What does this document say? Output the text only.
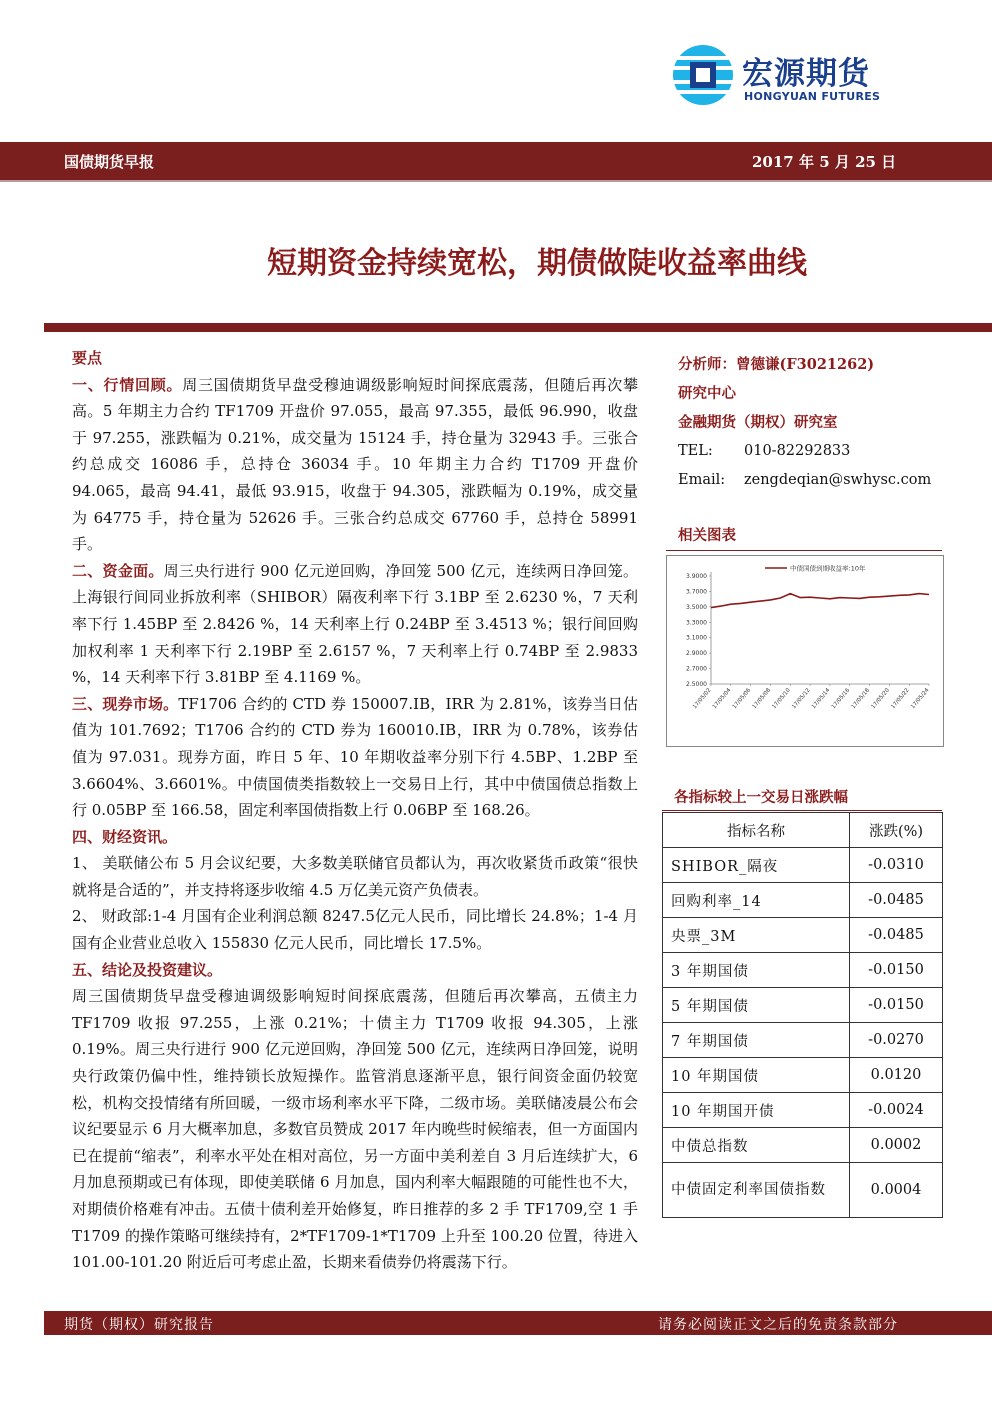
宏源期货
HONGYUAN FUTURES
国债期货早报	2017 年 5 月 25 日
短期资金持续宽松，期债做陡收益率曲线

要点

一、行情回顾。周三国债期货早盘受穆迪调级影响短时间探底震荡，但随后再次攀高。5 年期主力合约 TF1709 开盘价 97.055，最高 97.355，最低 96.990，收盘于 97.255，涨跌幅为 0.21%，成交量为 15124 手，持仓量为 32943 手。三张合约总成交 16086 手，总持仓 36034 手。10 年期主力合约 T1709 开盘价 94.065，最高 94.41，最低 93.915，收盘于 94.305，涨跌幅为 0.19%，成交量为 64775 手，持仓量为 52626 手。三张合约总成交 67760 手，总持仓 58991 手。

二、资金面。周三央行进行 900 亿元逆回购，净回笼 500 亿元，连续两日净回笼。上海银行间同业拆放利率（SHIBOR）隔夜利率下行 3.1BP 至 2.6230 %，7 天利率下行 1.45BP 至 2.8426 %，14 天利率上行 0.24BP 至 3.4513 %；银行间回购加权利率 1 天利率下行 2.19BP 至 2.6157 %，7 天利率上行 0.74BP 至 2.9833 %，14 天利率下行 3.81BP 至 4.1169 %。

三、现券市场。TF1706 合约的 CTD 券 150007.IB，IRR 为 2.81%，该券当日估值为 101.7692；T1706 合约的 CTD 券为 160010.IB，IRR 为 0.78%，该券估值为 97.031。现券方面，昨日 5 年、10 年期收益率分别下行 4.5BP、1.2BP 至 3.6604%、3.6601%。中债国债类指数较上一交易日上行，其中中债国债总指数上行 0.05BP 至 166.58，固定利率国债指数上行 0.06BP 至 168.26。

四、财经资讯。

1、 美联储公布 5 月会议纪要，大多数美联储官员都认为，再次收紧货币政策“很快就将是合适的”，并支持将逐步收缩 4.5 万亿美元资产负债表。

2、 财政部:1-4 月国有企业利润总额 8247.5亿元人民币，同比增长 24.8%；1-4 月国有企业营业总收入 155830 亿元人民币，同比增长 17.5%。

五、结论及投资建议。

周三国债期货早盘受穆迪调级影响短时间探底震荡，但随后再次攀高，五债主力 TF1709 收报 97.255，上涨 0.21%；十债主力 T1709 收报 94.305，上涨 0.19%。周三央行进行 900 亿元逆回购，净回笼 500 亿元，连续两日净回笼，说明央行政策仍偏中性，维持锁长放短操作。监管消息逐渐平息，银行间资金面仍较宽松，机构交投情绪有所回暖，一级市场利率水平下降，二级市场。美联储凌晨公布会议纪要显示 6 月大概率加息，多数官员赞成 2017 年内晚些时候缩表，但一方面国内已在提前“缩表”，利率水平处在相对高位，另一方面中美利差自 3 月后连续扩大，6 月加息预期或已有体现，即使美联储 6 月加息，国内利率大幅跟随的可能性也不大，对期债价格难有冲击。五债十债利差开始修复，昨日推荐的多 2 手 TF1709,空 1 手 T1709 的操作策略可继续持有，2*TF1709-1*T1709 上升至 100.20 位置，待进入 101.00-101.20 附近后可考虑止盈，长期来看债券仍将震荡下行。

分析师：曾德谦(F3021262)
研究中心
金融期货（期权）研究室
TEL: 010-82292833
Email: zengdeqian@swhysc.com
相关图表
中债国债到期收益率:10年
2.5000
2.7000
2.9000
3.1000
3.3000
3.5000
3.7000
3.9000
17/05/02 17/05/04 17/05/06 17/05/08 17/05/10 17/05/12 17/05/14 17/05/16 17/05/18 17/05/20 17/05/22 17/05/24
各指标较上一交易日涨跌幅
指标名称	涨跌(%)
SHIBOR_隔夜	-0.0310
回购利率_14	-0.0485
央票_3M	-0.0485
3 年期国债	-0.0150
5 年期国债	-0.0150
7 年期国债	-0.0270
10 年期国债	0.0120
10 年期国开债	-0.0024
中债总指数	0.0002
中债固定利率国债指数	0.0004
期货（期权）研究报告	请务必阅读正文之后的免责条款部分
